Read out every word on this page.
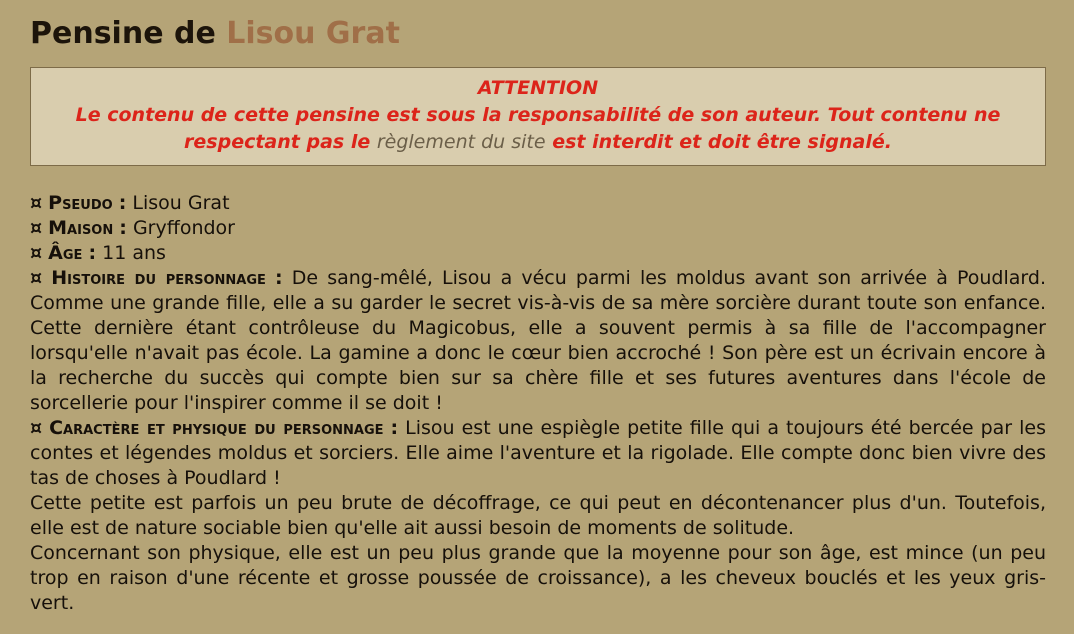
Pensine de Lisou Grat
ATTENTION
Le contenu de cette pensine est sous la responsabilité de son auteur. Tout contenu ne respectant pas le règlement du site est interdit et doit être signalé.
¤ Pseudo : Lisou Grat
¤ Maison : Gryffondor
¤ Âge : 11 ans
¤ Histoire du personnage : De sang-mêlé, Lisou a vécu parmi les moldus avant son arrivée à Poudlard. Comme une grande fille, elle a su garder le secret vis-à-vis de sa mère sorcière durant toute son enfance. Cette dernière étant contrôleuse du Magicobus, elle a souvent permis à sa fille de l'accompagner lorsqu'elle n'avait pas école. La gamine a donc le cœur bien accroché ! Son père est un écrivain encore à la recherche du succès qui compte bien sur sa chère fille et ses futures aventures dans l'école de sorcellerie pour l'inspirer comme il se doit !
¤ Caractère et physique du personnage : Lisou est une espiègle petite fille qui a toujours été bercée par les contes et légendes moldus et sorciers. Elle aime l'aventure et la rigolade. Elle compte donc bien vivre des tas de choses à Poudlard !
Cette petite est parfois un peu brute de décoffrage, ce qui peut en décontenancer plus d'un. Toutefois, elle est de nature sociable bien qu'elle ait aussi besoin de moments de solitude.
Concernant son physique, elle est un peu plus grande que la moyenne pour son âge, est mince (un peu trop en raison d'une récente et grosse poussée de croissance), a les cheveux bouclés et les yeux gris-vert.
